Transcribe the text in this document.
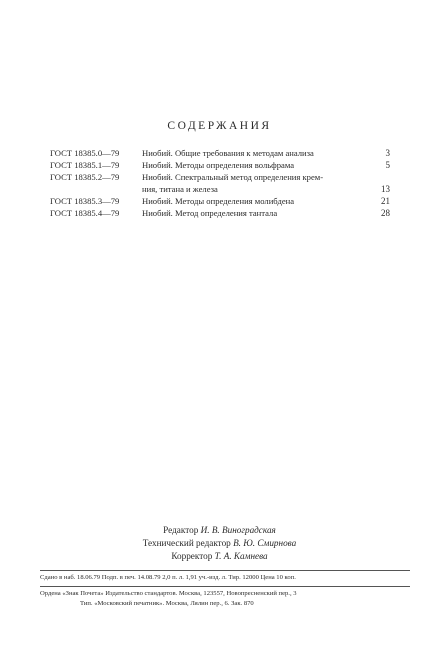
СОДЕРЖАНИЯ
ГОСТ 18385.0—79	Ниобий. Общие требования к методам анализа	3
ГОСТ 18385.1—79	Ниобий. Методы определения вольфрама	5
ГОСТ 18385.2—79	Ниобий. Спектральный метод определения крем-
ния, титана и железа	13
ГОСТ 18385.3—79	Ниобий. Методы определения молибдена	21
ГОСТ 18385.4—79	Ниобий. Метод определения тантала	28
Редактор И. В. Виноградская
Технический редактор В. Ю. Смирнова
Корректор Т. А. Камнева
Сдано в наб. 18.06.79 Подп. в печ. 14.08.79 2,0 п. л. 1,91 уч.-изд. л. Тир. 12000 Цена 10 коп.
Ордена «Знак Почета» Издательство стандартов. Москва, 123557, Новопресненский пер., 3
Тип. «Московский печатник». Москва, Лялин пер., 6. Зак. 870
